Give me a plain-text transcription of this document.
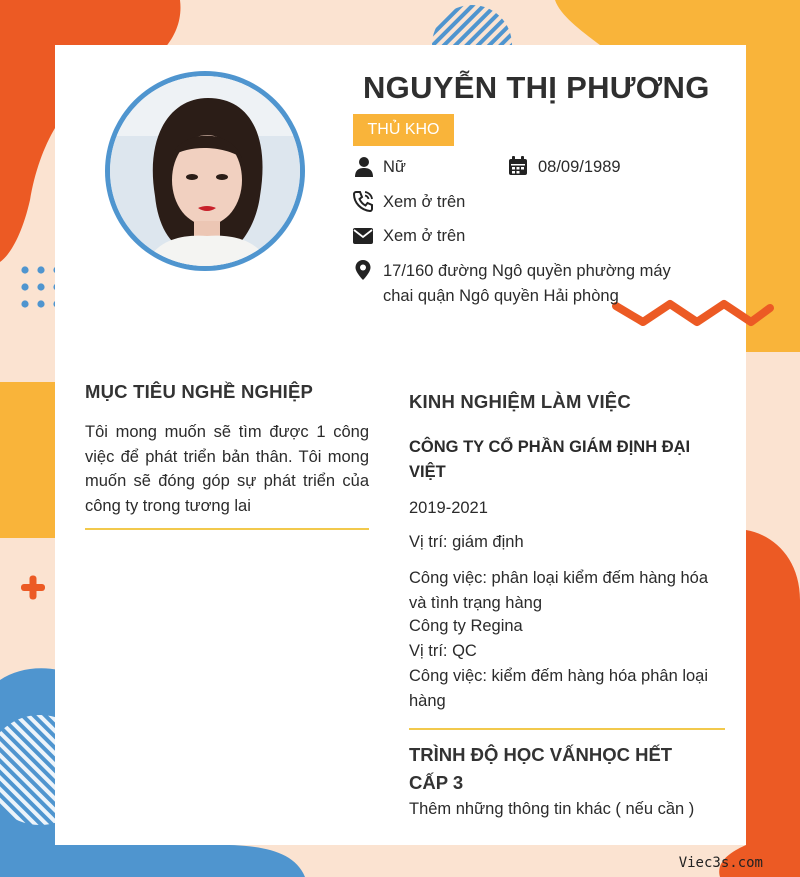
NGUYỄN THỊ PHƯƠNG
THỦ KHO
Nữ	08/09/1989
Xem ở trên
Xem ở trên
17/160 đường Ngô quyền phường máy
chai quận Ngô quyền Hải phòng
MỤC TIÊU NGHỀ NGHIỆP
Tôi mong muốn sẽ tìm được 1 công việc để phát triển bản thân. Tôi mong muốn sẽ đóng góp sự phát triển của công ty trong tương lai
KINH NGHIỆM LÀM VIỆC
CÔNG TY CỔ PHẦN GIÁM ĐỊNH ĐẠI VIỆT
2019-2021
Vị trí: giám định
Công việc: phân loại kiểm đếm hàng hóa và tình trạng hàng
Công ty Regina
Vị trí: QC
Công việc: kiểm đếm hàng hóa phân loại hàng
TRÌNH ĐỘ HỌC VẤNHỌC HẾT CẤP 3
Thêm những thông tin khác ( nếu cần )
Viec3s.com
